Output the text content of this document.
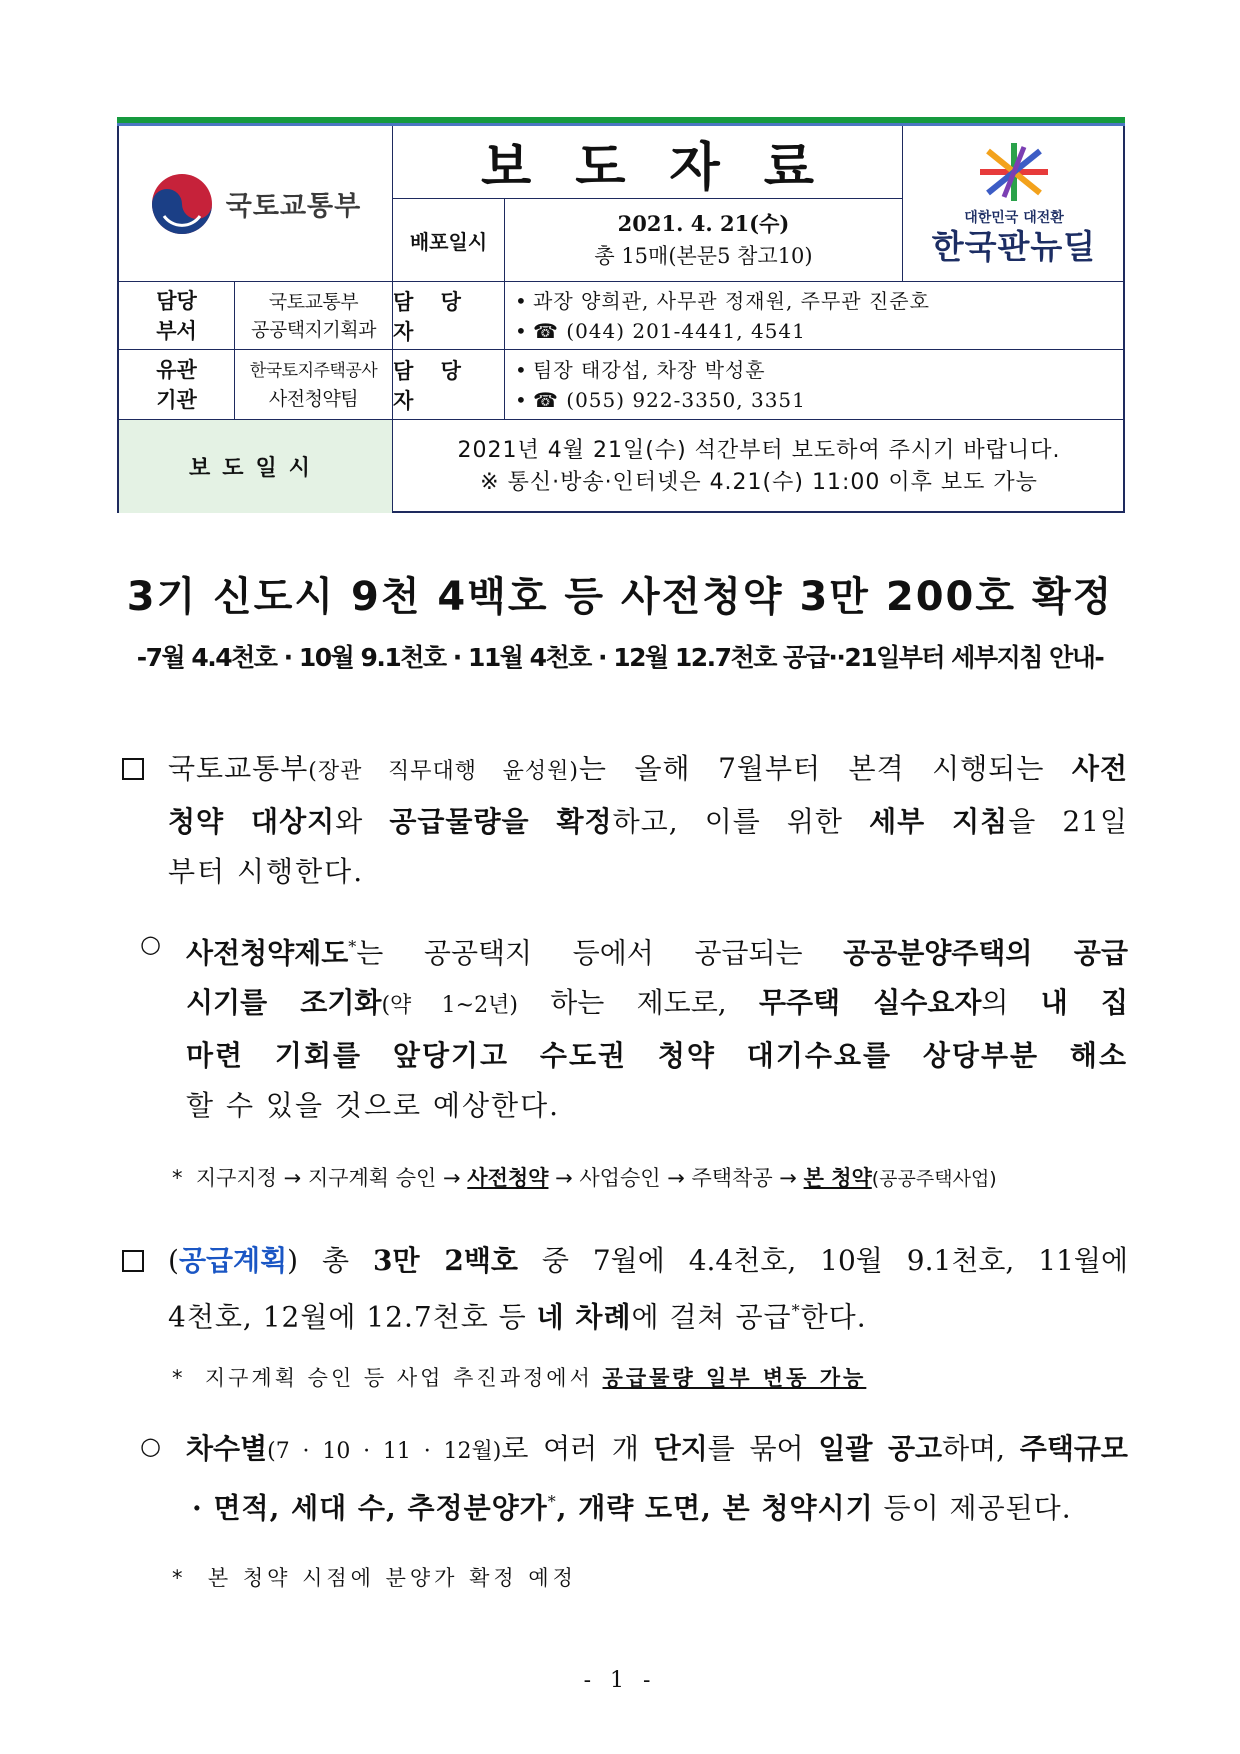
국토교통부
보도자료
배포일시
2021. 4. 21(수)
총 15매(본문5 참고10)
대한민국 대전환
한국판뉴딜
담당
부서
국토교통부
공공택지기획과
담 당 자
• 과장 양희관, 사무관 정재원, 주무관 진준호
• ☎ (044) 201-4441, 4541
유관
기관
한국토지주택공사
사전청약팀
담 당 자
• 팀장 태강섭, 차장 박성훈
• ☎ (055) 922-3350, 3351
보도일시
2021년 4월 21일(수) 석간부터 보도하여 주시기 바랍니다.
※ 통신·방송·인터넷은 4.21(수) 11:00 이후 보도 가능
3기 신도시 9천 4백호 등 사전청약 3만 200호 확정
-7월 4.4천호 · 10월 9.1천호 · 11월 4천호 · 12월 12.7천호 공급··21일부터 세부지침 안내-
국토교통부(장관 직무대행 윤성원)는 올해 7월부터 본격 시행되는 사전
청약 대상지와 공급물량을 확정하고, 이를 위한 세부 지침을 21일
부터 시행한다.
○ 사전청약제도*는 공공택지 등에서 공급되는 공공분양주택의 공급
시기를 조기화(약 1~2년) 하는 제도로, 무주택 실수요자의 내 집
마련 기회를 앞당기고 수도권 청약 대기수요를 상당부분 해소
할 수 있을 것으로 예상한다.
* 지구지정 → 지구계획 승인 → 사전청약 → 사업승인 → 주택착공 → 본 청약(공공주택사업)
(공급계획) 총 3만 2백호 중 7월에 4.4천호, 10월 9.1천호, 11월에
4천호, 12월에 12.7천호 등 네 차례에 걸쳐 공급*한다.
* 지구계획 승인 등 사업 추진과정에서 공급물량 일부 변동 가능
○ 차수별(7 · 10 · 11 · 12월)로 여러 개 단지를 묶어 일괄 공고하며, 주택규모
· 면적, 세대 수, 추정분양가*, 개략 도면, 본 청약시기 등이 제공된다.
* 본 청약 시점에 분양가 확정 예정
- 1 -
